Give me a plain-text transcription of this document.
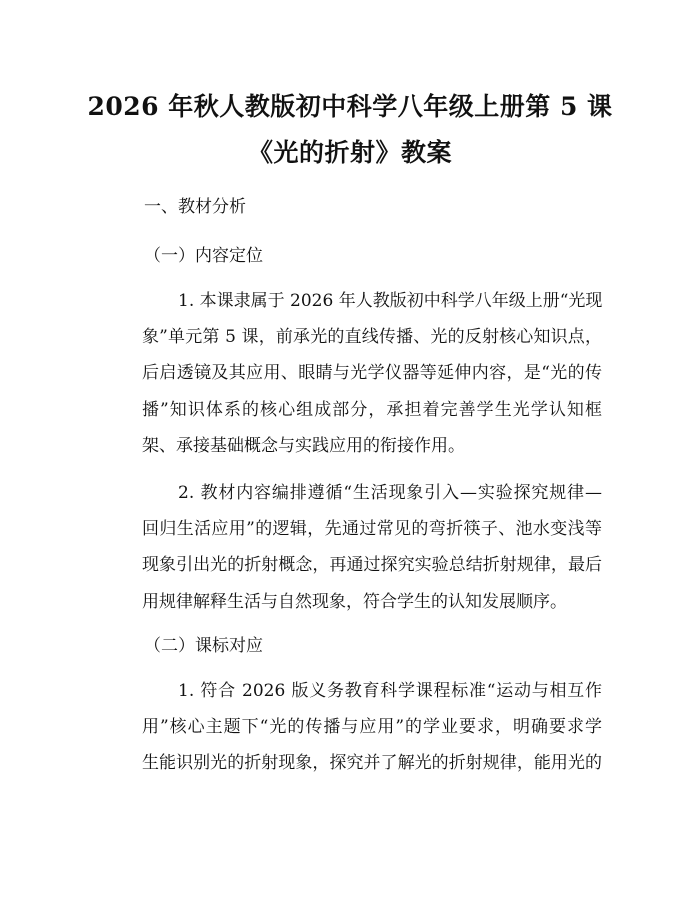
2026 年秋人教版初中科学八年级上册第 5 课
《光的折射》教案
一、教材分析
（一）内容定位
1. 本课隶属于 2026 年人教版初中科学八年级上册“光现
象”单元第 5 课，前承光的直线传播、光的反射核心知识点，
后启透镜及其应用、眼睛与光学仪器等延伸内容，是“光的传
播”知识体系的核心组成部分，承担着完善学生光学认知框
架、承接基础概念与实践应用的衔接作用。
2. 教材内容编排遵循“生活现象引入—实验探究规律—
回归生活应用”的逻辑，先通过常见的弯折筷子、池水变浅等
现象引出光的折射概念，再通过探究实验总结折射规律，最后
用规律解释生活与自然现象，符合学生的认知发展顺序。
（二）课标对应
1. 符合 2026 版义务教育科学课程标准“运动与相互作
用”核心主题下“光的传播与应用”的学业要求，明确要求学
生能识别光的折射现象，探究并了解光的折射规律，能用光的
